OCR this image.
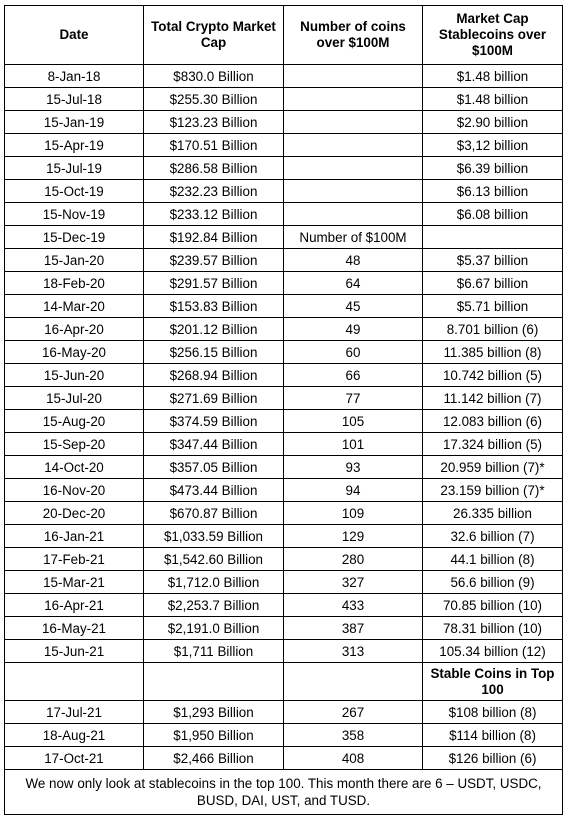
Date	Total Crypto Market Cap	Number of coins over $100M	Market Cap Stablecoins over $100M
8-Jan-18	$830.0 Billion		$1.48 billion
15-Jul-18	$255.30 Billion		$1.48 billion
15-Jan-19	$123.23 Billion		$2.90 billion
15-Apr-19	$170.51 Billion		$3,12 billion
15-Jul-19	$286.58 Billion		$6.39 billion
15-Oct-19	$232.23 Billion		$6.13 billion
15-Nov-19	$233.12 Billion		$6.08 billion
15-Dec-19	$192.84 Billion	Number of $100M	
15-Jan-20	$239.57 Billion	48	$5.37 billion
18-Feb-20	$291.57 Billion	64	$6.67 billion
14-Mar-20	$153.83 Billion	45	$5.71 billion
16-Apr-20	$201.12 Billion	49	8.701 billion (6)
16-May-20	$256.15 Billion	60	11.385 billion (8)
15-Jun-20	$268.94 Billion	66	10.742 billion (5)
15-Jul-20	$271.69 Billion	77	11.142 billion (7)
15-Aug-20	$374.59 Billion	105	12.083 billion (6)
15-Sep-20	$347.44 Billion	101	17.324 billion (5)
14-Oct-20	$357.05 Billion	93	20.959 billion (7)*
16-Nov-20	$473.44 Billion	94	23.159 billion (7)*
20-Dec-20	$670.87 Billion	109	26.335 billion
16-Jan-21	$1,033.59 Billion	129	32.6 billion (7)
17-Feb-21	$1,542.60 Billion	280	44.1 billion (8)
15-Mar-21	$1,712.0 Billion	327	56.6 billion (9)
16-Apr-21	$2,253.7 Billion	433	70.85 billion (10)
16-May-21	$2,191.0 Billion	387	78.31 billion (10)
15-Jun-21	$1,711 Billion	313	105.34 billion (12)
			Stable Coins in Top 100
17-Jul-21	$1,293 Billion	267	$108 billion (8)
18-Aug-21	$1,950 Billion	358	$114 billion (8)
17-Oct-21	$2,466 Billion	408	$126 billion (6)
We now only look at stablecoins in the top 100. This month there are 6 – USDT, USDC, BUSD, DAI, UST, and TUSD.			
